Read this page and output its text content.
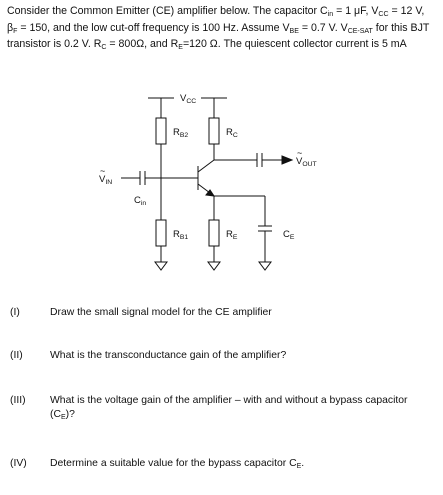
Consider the Common Emitter (CE) amplifier below. The capacitor $C_{in} = 1$ μF, $V_{CC} = 12$ V, $\beta_F = 150$, and the low cut-off frequency is 100 Hz. Assume $V_{BE} = 0.7$ V. $V_{CE-SAT}$ for this BJT transistor is 0.2 V. $R_C = 800\Omega$, and $R_E=120$ Ω. The quiescent collector current is 5 mA
$V_{CC}$
$R_{B2}$	$R_C$
$V_{OUT}$
~
$V_{IN}$
~
$C_{in}$
$R_{B1}$	$R_E$	$C_E$
(I)	Draw the small signal model for the CE amplifier
(II)	What is the transconductance gain of the amplifier?
(III) What is the voltage gain of the amplifier – with and without a bypass capacitor $(C_E)$?
(IV) Determine a suitable value for the bypass capacitor $C_E$.
